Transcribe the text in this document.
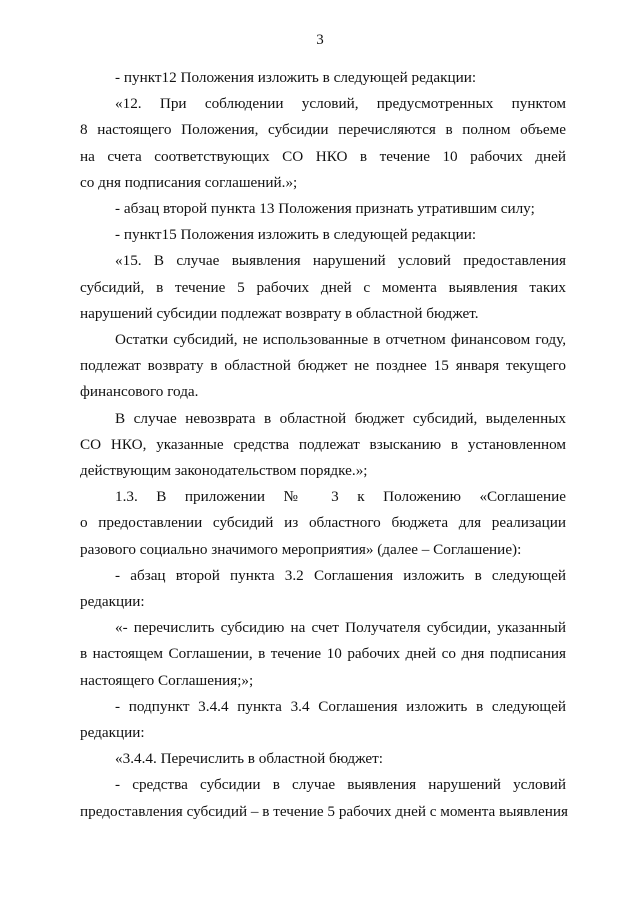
3
- пункт12 Положения изложить в следующей редакции:
«12. При соблюдении условий, предусмотренных пунктом
8 настоящего Положения, субсидии перечисляются в полном объеме
на счета соответствующих СО НКО в течение 10 рабочих дней
со дня подписания соглашений.»;
- абзац второй пункта 13 Положения признать утратившим силу;
- пункт15 Положения изложить в следующей редакции:
«15. В случае выявления нарушений условий предоставления
субсидий, в течение 5 рабочих дней с момента выявления таких
нарушений субсидии подлежат возврату в областной бюджет.
Остатки субсидий, не использованные в отчетном финансовом году,
подлежат возврату в областной бюджет не позднее 15 января текущего
финансового года.
В случае невозврата в областной бюджет субсидий, выделенных
СО НКО, указанные средства подлежат взысканию в установленном
действующим законодательством порядке.»;
1.3. В приложении № 3 к Положению «Соглашение
о предоставлении субсидий из областного бюджета для реализации
разового социально значимого мероприятия» (далее – Соглашение):
- абзац второй пункта 3.2 Соглашения изложить в следующей
редакции:
«- перечислить субсидию на счет Получателя субсидии, указанный
в настоящем Соглашении, в течение 10 рабочих дней со дня подписания
настоящего Соглашения;»;
- подпункт 3.4.4 пункта 3.4 Соглашения изложить в следующей
редакции:
«3.4.4. Перечислить в областной бюджет:
- средства субсидии в случае выявления нарушений условий
предоставления субсидий – в течение 5 рабочих дней с момента выявления
